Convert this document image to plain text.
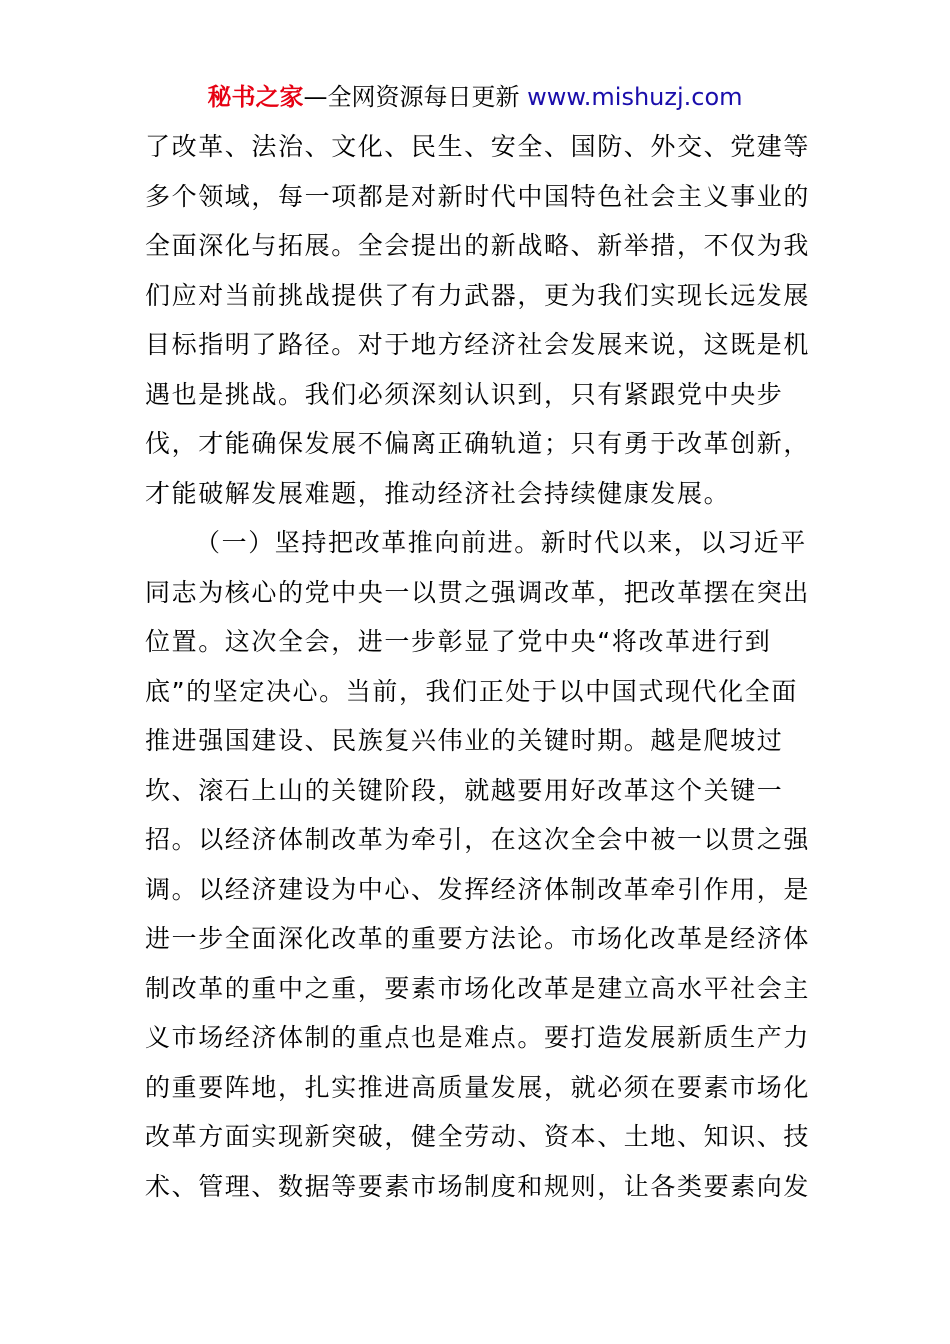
秘书之家—全网资源每日更新 www.mishuzj.com
了改革、法治、文化、民生、安全、国防、外交、党建等
多个领域，每一项都是对新时代中国特色社会主义事业的
全面深化与拓展。全会提出的新战略、新举措，不仅为我
们应对当前挑战提供了有力武器，更为我们实现长远发展
目标指明了路径。对于地方经济社会发展来说，这既是机
遇也是挑战。我们必须深刻认识到，只有紧跟党中央步
伐，才能确保发展不偏离正确轨道；只有勇于改革创新，
才能破解发展难题，推动经济社会持续健康发展。
（一）坚持把改革推向前进。新时代以来，以习近平
同志为核心的党中央一以贯之强调改革，把改革摆在突出
位置。这次全会，进一步彰显了党中央“将改革进行到
底”的坚定决心。当前，我们正处于以中国式现代化全面
推进强国建设、民族复兴伟业的关键时期。越是爬坡过
坎、滚石上山的关键阶段，就越要用好改革这个关键一
招。以经济体制改革为牵引，在这次全会中被一以贯之强
调。以经济建设为中心、发挥经济体制改革牵引作用，是
进一步全面深化改革的重要方法论。市场化改革是经济体
制改革的重中之重，要素市场化改革是建立高水平社会主
义市场经济体制的重点也是难点。要打造发展新质生产力
的重要阵地，扎实推进高质量发展，就必须在要素市场化
改革方面实现新突破，健全劳动、资本、土地、知识、技
术、管理、数据等要素市场制度和规则，让各类要素向发
